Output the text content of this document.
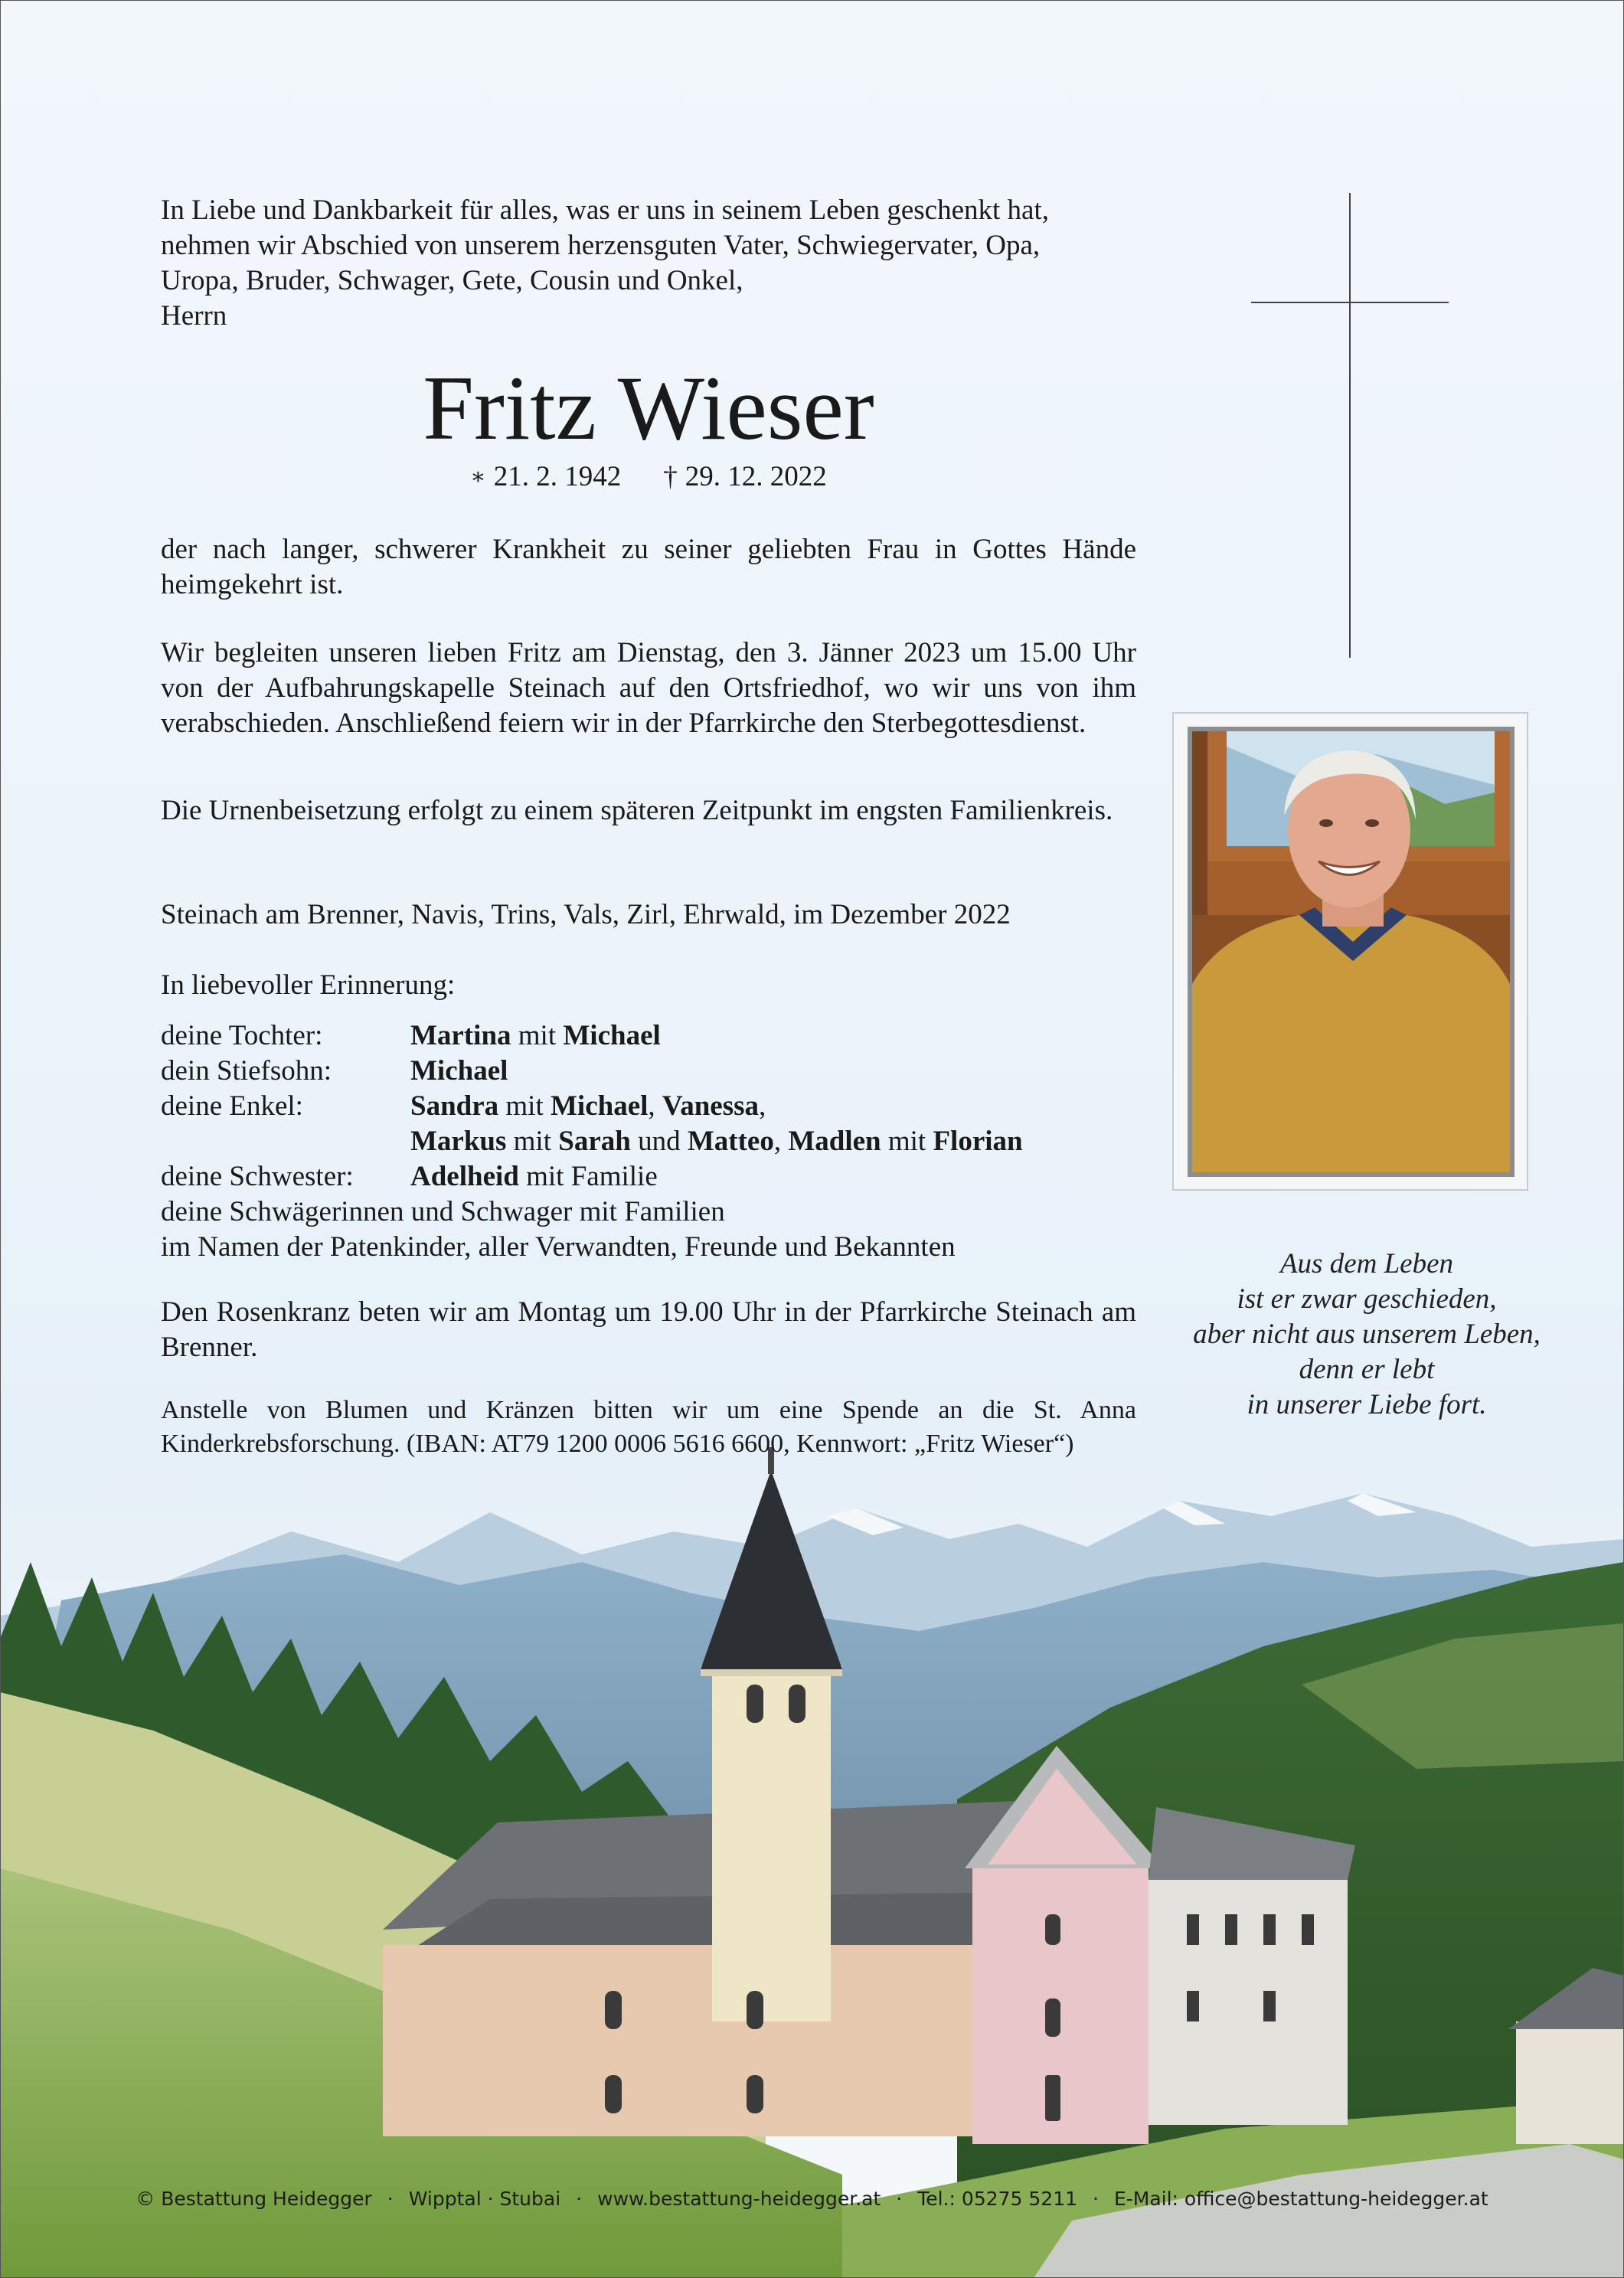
In Liebe und Dankbarkeit für alles, was er uns in seinem Leben geschenkt hat,
nehmen wir Abschied von unserem herzensguten Vater, Schwiegervater, Opa,
Uropa, Bruder, Schwager, Gete, Cousin und Onkel,
Herrn
Fritz Wieser
∗ 21. 2. 1942 † 29. 12. 2022

der nach langer, schwerer Krankheit zu seiner geliebten Frau in Gottes Hände heimgekehrt ist.

Wir begleiten unseren lieben Fritz am Dienstag, den 3. Jänner 2023 um 15.00 Uhr von der Aufbahrungskapelle Steinach auf den Ortsfriedhof, wo wir uns von ihm verabschieden. Anschließend feiern wir in der Pfarrkirche den Sterbegottesdienst.

Die Urnenbeisetzung erfolgt zu einem späteren Zeitpunkt im engsten Familienkreis.

Steinach am Brenner, Navis, Trins, Vals, Zirl, Ehrwald, im Dezember 2022

In liebevoller Erinnerung:

deine Tochter:	Martina mit Michael
dein Stiefsohn:	Michael
deine Enkel:	Sandra mit Michael, Vanessa,
Markus mit Sarah und Matteo, Madlen mit Florian
deine Schwester: Adelheid mit Familie
deine Schwägerinnen und Schwager mit Familien
im Namen der Patenkinder, aller Verwandten, Freunde und Bekannten

Den Rosenkranz beten wir am Montag um 19.00 Uhr in der Pfarrkirche Steinach am Brenner.

Anstelle von Blumen und Kränzen bitten wir um eine Spende an die St. Anna
Kinderkrebsforschung. (IBAN: AT79 1200 0006 5616 6600, Kennwort: „Fritz Wieser“)
Aus dem Leben
ist er zwar geschieden,
aber nicht aus unserem Leben,
denn er lebt
in unserer Liebe fort.
© Bestattung Heidegger · Wipptal · Stubai · www.bestattung-heidegger.at · Tel.: 05275 5211 · E-Mail: office@bestattung-heidegger.at
